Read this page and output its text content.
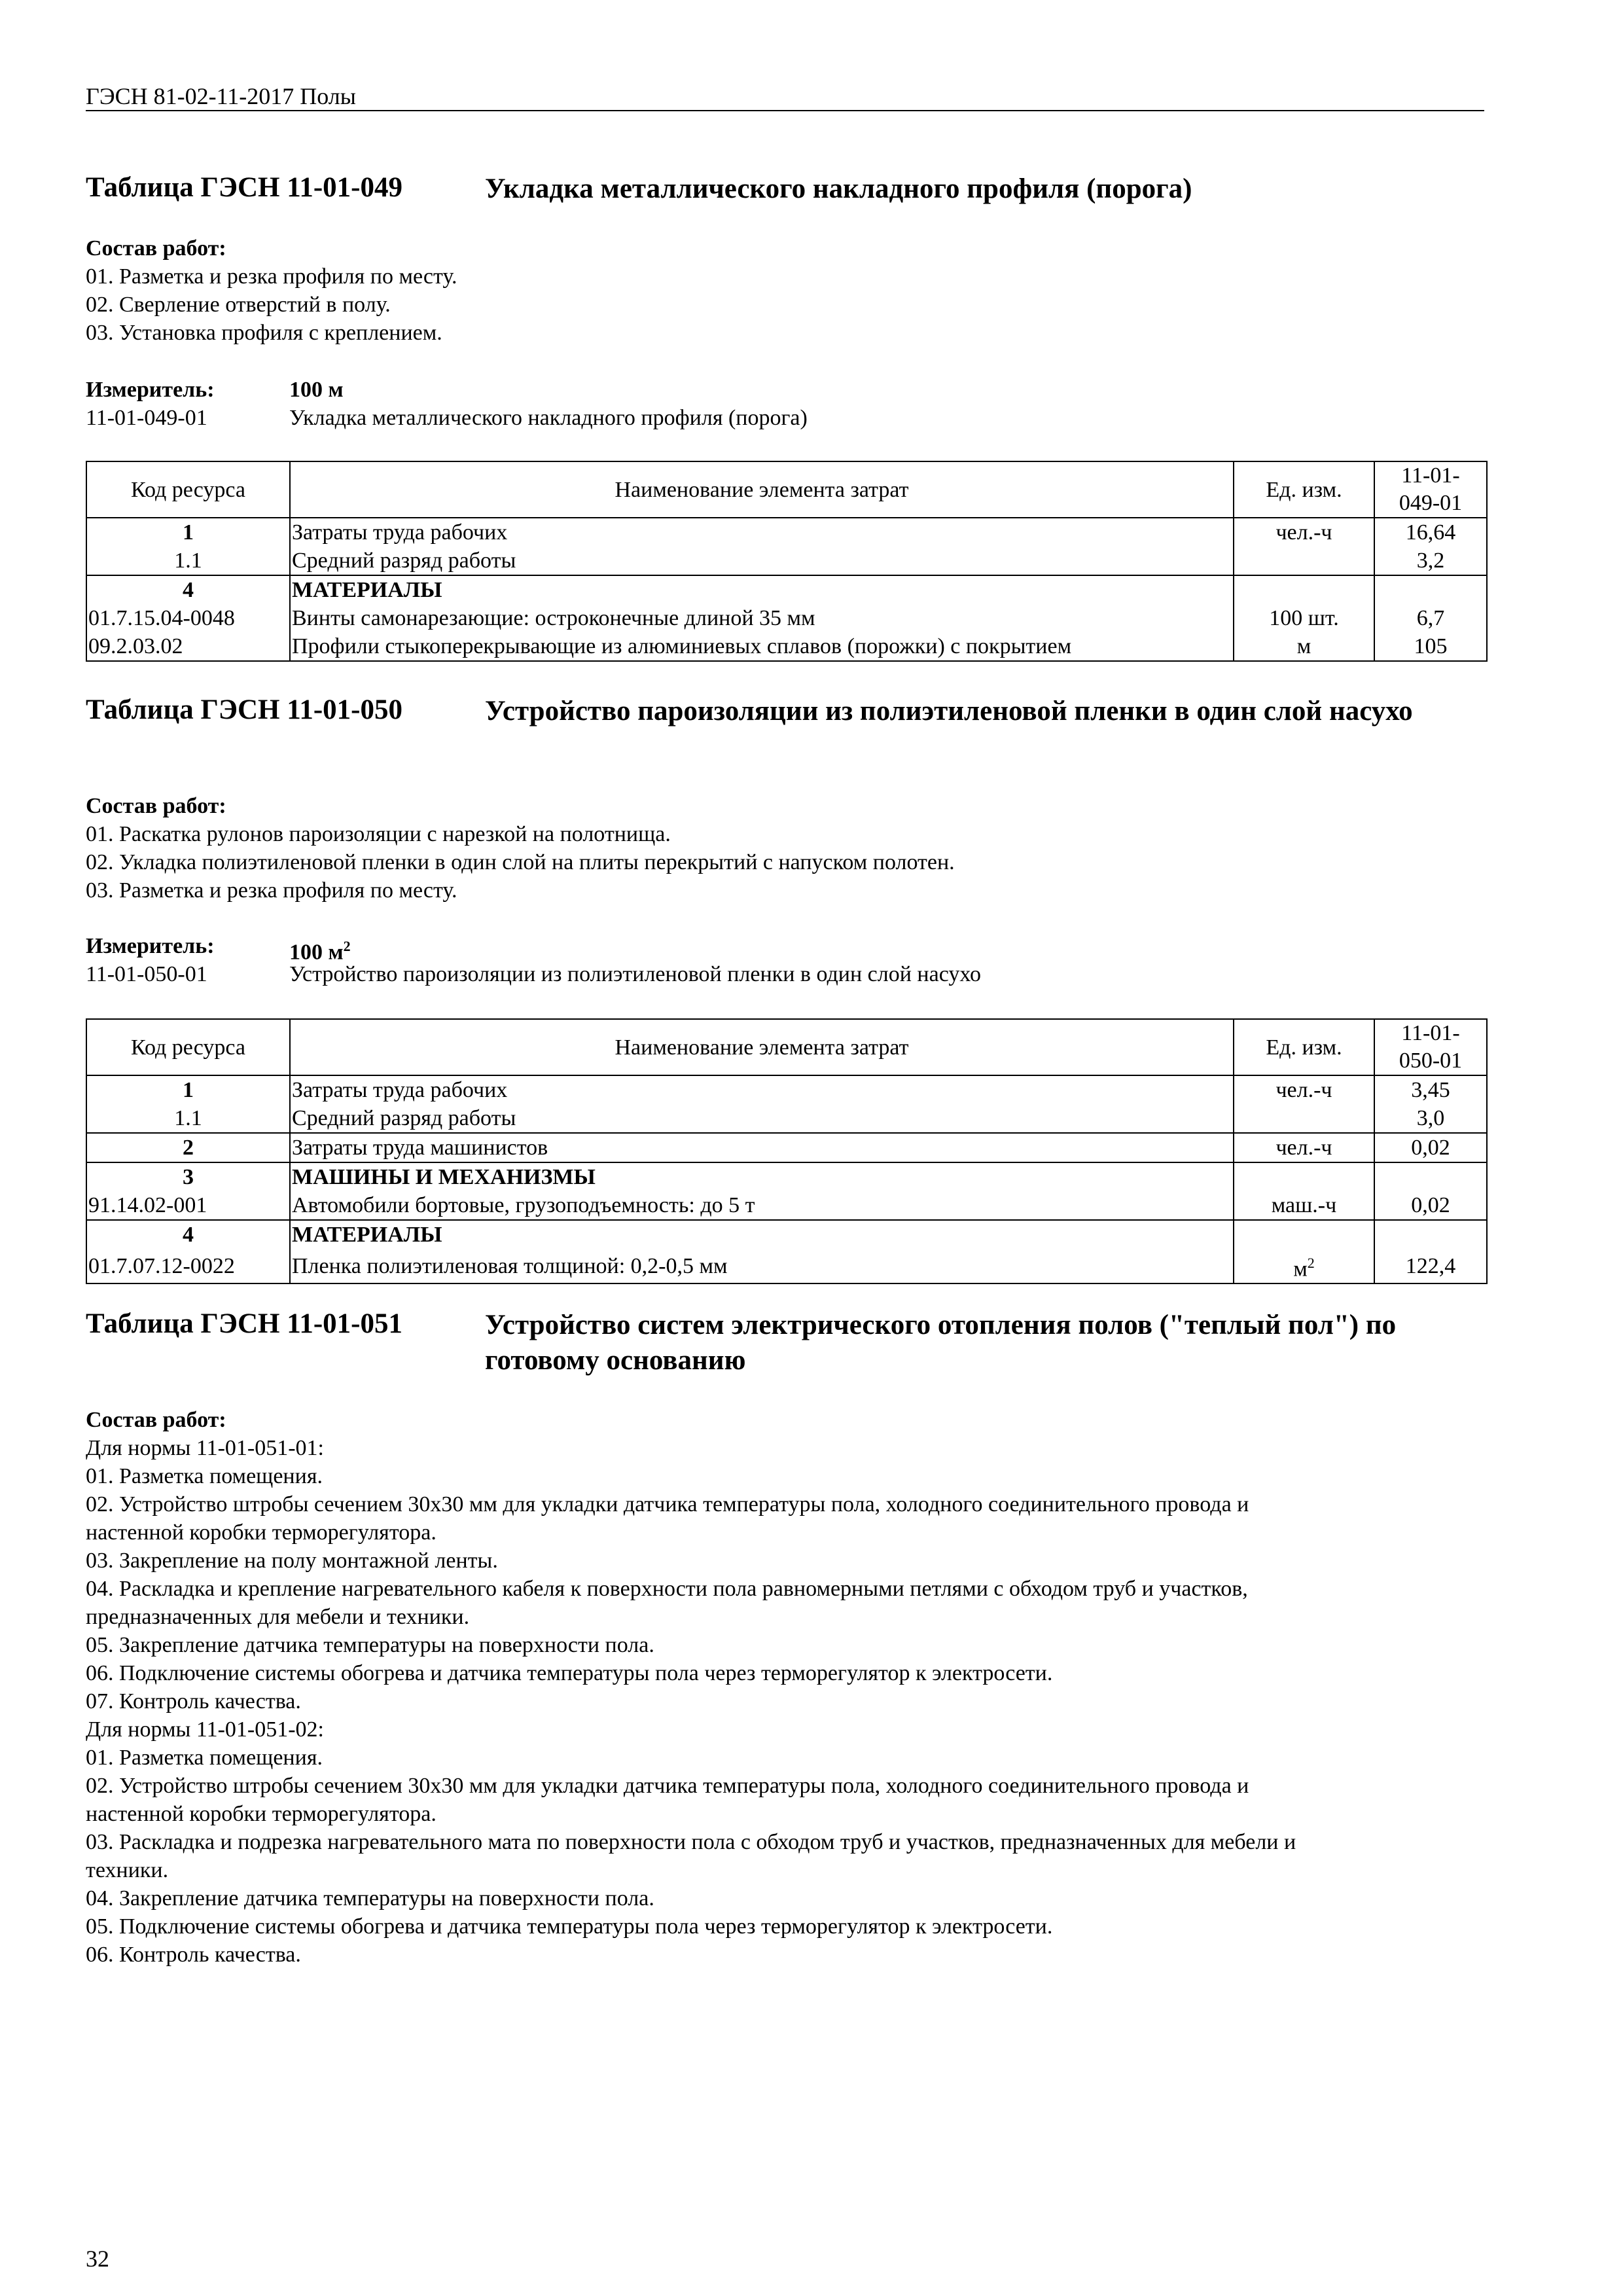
ГЭСН 81-02-11-2017 Полы
Таблица ГЭСН 11-01-049	Укладка металлического накладного профиля (порога)
Состав работ:
01. Разметка и резка профиля по месту.
02. Сверление отверстий в полу.
03. Установка профиля с креплением.
Измеритель:	100 м
11-01-049-01	Укладка металлического накладного профиля (порога)
Код ресурса	Наименование элемента затрат	Ед. изм.	11-01-
049-01
1	Затраты труда рабочих	чел.-ч	16,64
1.1	Средний разряд работы		3,2
4	МАТЕРИАЛЫ		
01.7.15.04-0048	Винты самонарезающие: остроконечные длиной 35 мм	100 шт.	6,7
09.2.03.02	Профили стыкоперекрывающие из алюминиевых сплавов (порожки) с покрытием	м	105
Таблица ГЭСН 11-01-050	Устройство пароизоляции из полиэтиленовой пленки в один слой насухо
Состав работ:
01. Раскатка рулонов пароизоляции с нарезкой на полотнища.
02. Укладка полиэтиленовой пленки в один слой на плиты перекрытий с напуском полотен.
03. Разметка и резка профиля по месту.
Измеритель:	100 $м^2$
11-01-050-01	Устройство пароизоляции из полиэтиленовой пленки в один слой насухо
Код ресурса	Наименование элемента затрат	Ед. изм.	11-01-
050-01
1	Затраты труда рабочих	чел.-ч	3,45
1.1	Средний разряд работы		3,0
2	Затраты труда машинистов	чел.-ч	0,02
3	МАШИНЫ И МЕХАНИЗМЫ		
91.14.02-001	Автомобили бортовые, грузоподъемность: до 5 т	маш.-ч	0,02
4	МАТЕРИАЛЫ		
01.7.07.12-0022	Пленка полиэтиленовая толщиной: 0,2-0,5 мм	$м^2$	122,4
Таблица ГЭСН 11-01-051	Устройство систем электрического отопления полов ("теплый пол") по готовому основанию
Состав работ:
Для нормы 11-01-051-01:
01. Разметка помещения.
02. Устройство штробы сечением 30х30 мм для укладки датчика температуры пола, холодного соединительного провода и
настенной коробки терморегулятора.
03. Закрепление на полу монтажной ленты.
04. Раскладка и крепление нагревательного кабеля к поверхности пола равномерными петлями с обходом труб и участков,
предназначенных для мебели и техники.
05. Закрепление датчика температуры на поверхности пола.
06. Подключение системы обогрева и датчика температуры пола через терморегулятор к электросети.
07. Контроль качества.
Для нормы 11-01-051-02:
01. Разметка помещения.
02. Устройство штробы сечением 30х30 мм для укладки датчика температуры пола, холодного соединительного провода и
настенной коробки терморегулятора.
03. Раскладка и подрезка нагревательного мата по поверхности пола с обходом труб и участков, предназначенных для мебели и
техники.
04. Закрепление датчика температуры на поверхности пола.
05. Подключение системы обогрева и датчика температуры пола через терморегулятор к электросети.
06. Контроль качества.
32
